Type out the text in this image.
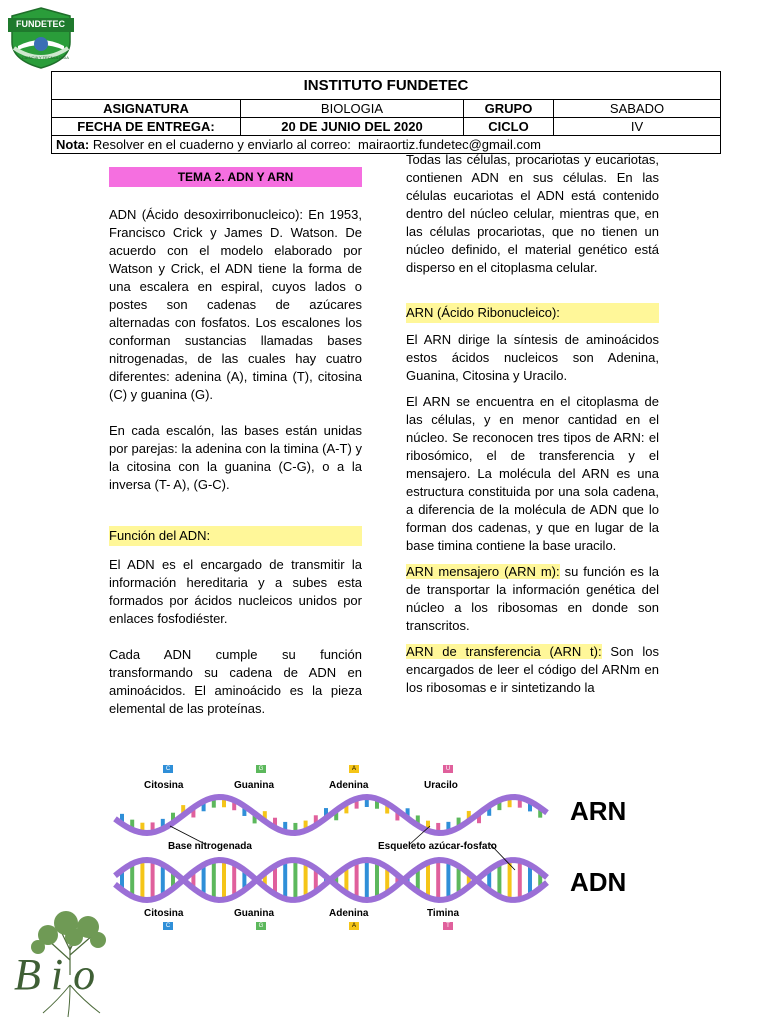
FUNDETEC
CIENCIA Y TECNOLOGIA
INSTITUTO FUNDETEC
ASIGNATURA	BIOLOGIA	GRUPO	SABADO
FECHA DE ENTREGA:	20 DE JUNIO DEL 2020	CICLO	IV
Nota: Resolver en el cuaderno y enviarlo al correo:  mairaortiz.fundetec@gmail.com
TEMA 2. ADN Y ARN

ADN (Ácido desoxirribonucleico): En 1953, Francisco Crick y James D. Watson. De acuerdo con el modelo elaborado por Watson y Crick, el ADN tiene la forma de una escalera en espiral, cuyos lados o postes son cadenas de azúcares alternadas con fosfatos. Los escalones los conforman sustancias llamadas bases nitrogenadas, de las cuales hay cuatro diferentes: adenina (A), timina (T), citosina (C) y guanina (G).

En cada escalón, las bases están unidas por parejas: la adenina con la timina (A-T) y la citosina con la guanina (C-G), o a la inversa (T- A), (G-C).

Función del ADN:

El ADN es el encargado de transmitir la información hereditaria y a subes esta formados por ácidos nucleicos unidos por enlaces fosfodiéster.

Cada ADN cumple su función transformando su cadena de ADN en aminoácidos. El aminoácido es la pieza elemental de las proteínas.

Todas las células, procariotas y eucariotas, contienen ADN en sus células. En las células eucariotas el ADN está contenido dentro del núcleo celular, mientras que, en las células procariotas, que no tienen un núcleo definido, el material genético está disperso en el citoplasma celular.

ARN (Ácido Ribonucleico):

El ARN dirige la síntesis de aminoácidos estos ácidos nucleicos son Adenina, Guanina, Citosina y Uracilo.

El ARN se encuentra en el citoplasma de las células, y en menor cantidad en el núcleo. Se reconocen tres tipos de ARN: el ribosómico, el de transferencia y el mensajero. La molécula del ARN es una estructura constituida por una sola cadena, a diferencia de la molécula de ADN que lo forman dos cadenas, y que en lugar de la base timina contiene la base uracilo.

ARN mensajero (ARN m): su función es la de transportar la información genética del núcleo a los ribosomas en donde son transcritos.

ARN de transferencia (ARN t): Son los encargados de leer el código del ARNm en los ribosomas e ir sintetizando la

C	G	A	U
Citosina	Guanina	Adenina	Uracilo
Base nitrogenada	Esqueleto azúcar-fosfato
ARN
ADN
Citosina	Guanina	Adenina	Timina
C	G	A	T
Bio
